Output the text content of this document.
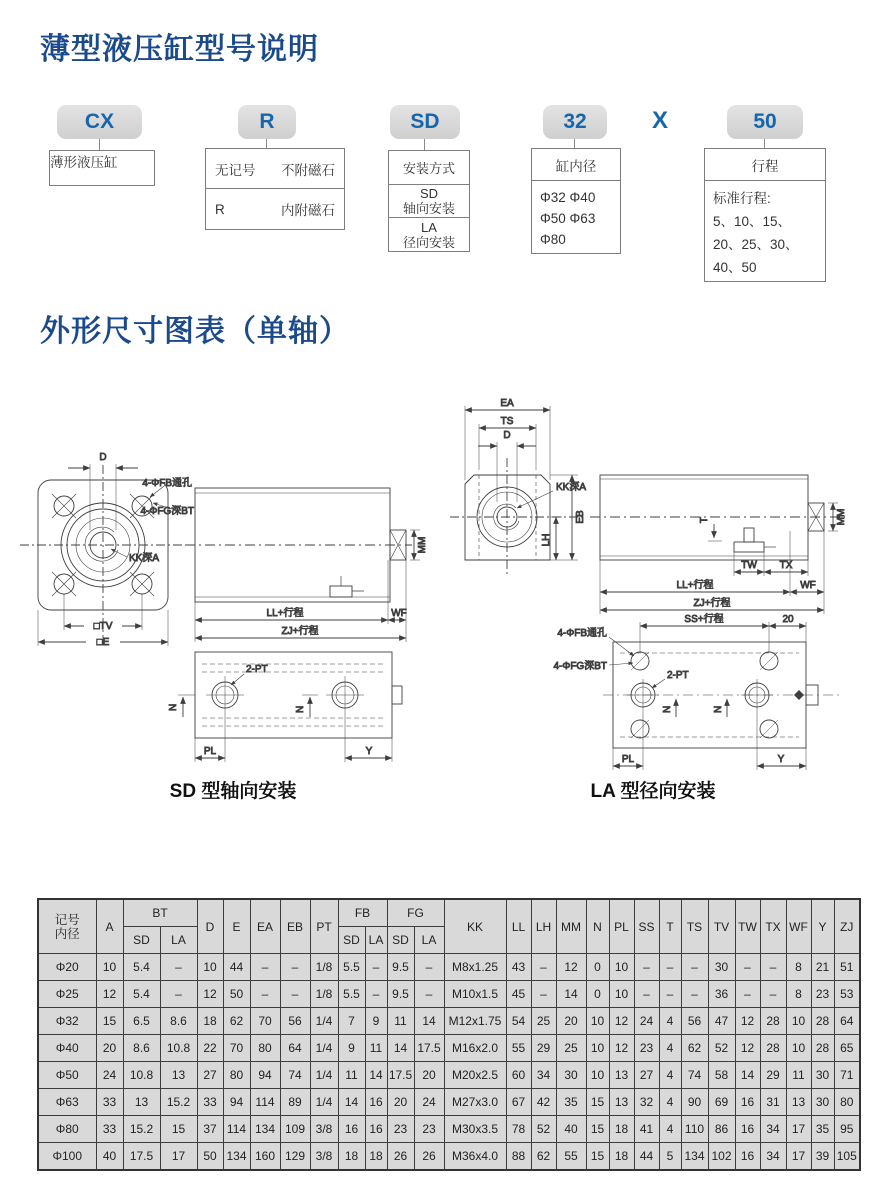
薄型液压缸型号说明
CX	R	SD	32	X	50
薄形液压缸	无记号 不附磁石
R	内附磁石
安装方式
SD
轴向安装
LA
径向安装
缸内径
Φ32 Φ40
Φ50 Φ63
Φ80
行程
标准行程:
5、10、15、
20、25、30、
40、50
外形尺寸图表（单轴）
D
4-ΦFB通孔
4-ΦFG深BT
KK深A
□TV
□E
MM
LL+行程	WF
ZJ+行程
2-PT
N	N
PL	Y
D
TS
EA
KK深A
EB
LH
MM
T
TW TX
LL+行程	WF
ZJ+行程
2-PT
N	N
SS+行程	20
4-ΦFB通孔
4-ΦFG深BT
PL	Y
SD 型轴向安装	LA 型径向安装
记号
内径	A	BT		D	E	EA	EB	PT	FB		FG		KK	LL	LH	MM	N	PL	SS	T	TS	TV	TW	TX	WF	Y	ZJ
		SD	LA						SD	LA	SD	LA															
Φ20	10	5.4	–	10	44	–	–	1/8	5.5	–	9.5	–	M8x1.25	43	–	12	0	10	–	–	–	30	–	–	8	21	51
Φ25	12	5.4	–	12	50	–	–	1/8	5.5	–	9.5	–	M10x1.5	45	–	14	0	10	–	–	–	36	–	–	8	23	53
Φ32	15	6.5	8.6	18	62	70	56	1/4	7	9	11	14	M12x1.75	54	25	20	10	12	24	4	56	47	12	28	10	28	64
Φ40	20	8.6	10.8	22	70	80	64	1/4	9	11	14	17.5	M16x2.0	55	29	25	10	12	23	4	62	52	12	28	10	28	65
Φ50	24	10.8	13	27	80	94	74	1/4	11	14	17.5	20	M20x2.5	60	34	30	10	13	27	4	74	58	14	29	11	30	71
Φ63	33	13	15.2	33	94	114	89	1/4	14	16	20	24	M27x3.0	67	42	35	15	13	32	4	90	69	16	31	13	30	80
Φ80	33	15.2	15	37	114	134	109	3/8	16	16	23	23	M30x3.5	78	52	40	15	18	41	4	110	86	16	34	17	35	95
Φ100	40	17.5	17	50	134	160	129	3/8	18	18	26	26	M36x4.0	88	62	55	15	18	44	5	134	102	16	34	17	39	105
